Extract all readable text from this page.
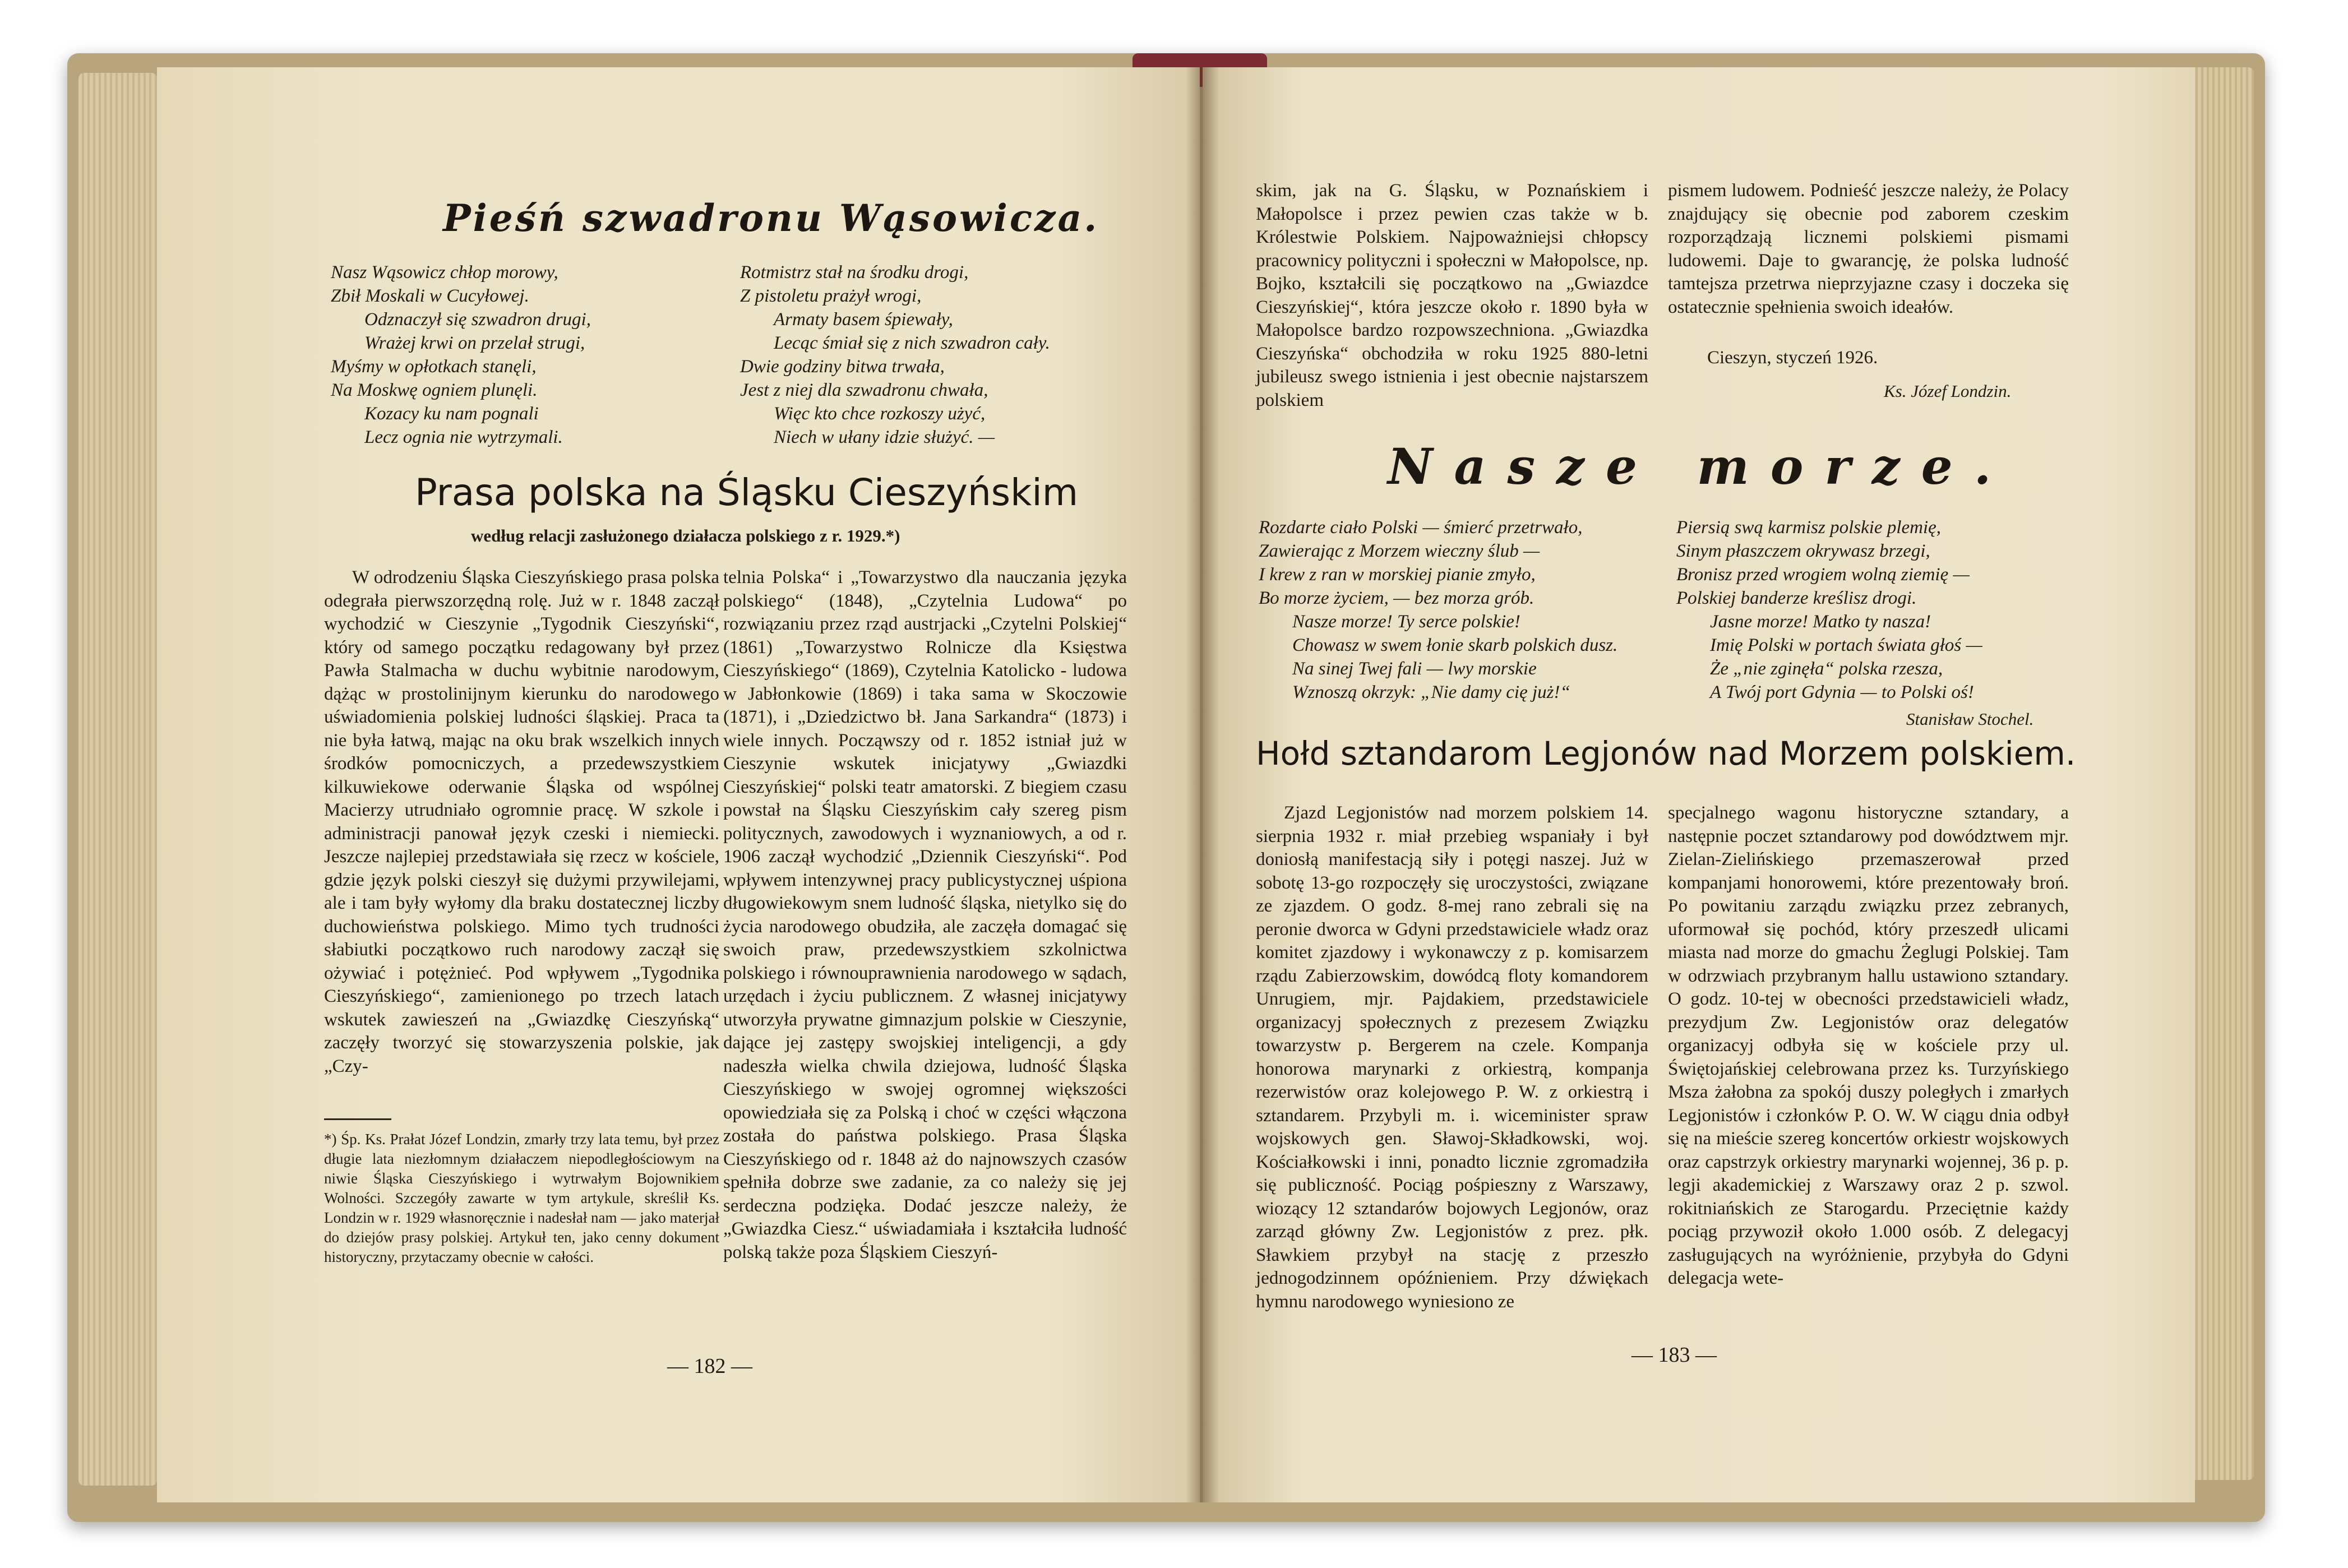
Pieśń szwadronu Wąsowicza.
Nasz Wąsowicz chłop morowy,
Zbił Moskali w Cucyłowej.
Odznaczył się szwadron drugi,
Wrażej krwi on przelał strugi,
Myśmy w opłotkach stanęli,
Na Moskwę ogniem plunęli.
Kozacy ku nam pognali
Lecz ognia nie wytrzymali.
Rotmistrz stał na środku drogi,
Z pistoletu prażył wrogi,
Armaty basem śpiewały,
Lecąc śmiał się z nich szwadron cały.
Dwie godziny bitwa trwała,
Jest z niej dla szwadronu chwała,
Więc kto chce rozkoszy użyć,
Niech w ułany idzie służyć. —
Prasa polska na Śląsku Cieszyńskim
według relacji zasłużonego działacza polskiego z r. 1929.*)

W odrodzeniu Śląska Cieszyńskiego prasa polska odegrała pierwszorzędną rolę. Już w r. 1848 zaczął wychodzić w Cieszynie „Tygodnik Cieszyński“, który od samego początku redagowany był przez Pawła Stalmacha w duchu wybitnie narodowym, dążąc w prostolinijnym kierunku do narodowego uświadomienia polskiej ludności śląskiej. Praca ta nie była łatwą, mając na oku brak wszelkich innych środków pomocniczych, a przedewszystkiem kilkuwiekowe oderwanie Śląska od wspólnej Macierzy utrudniało ogromnie pracę. W szkole i administracji panował język czeski i niemiecki. Jeszcze najlepiej przedstawiała się rzecz w kościele, gdzie język polski cieszył się dużymi przywilejami, ale i tam były wyłomy dla braku dostatecznej liczby duchowieństwa polskiego. Mimo tych trudności słabiutki początkowo ruch narodowy zaczął się ożywiać i potężnieć. Pod wpływem „Tygodnika Cieszyńskiego“, zamienionego po trzech latach wskutek zawieszeń na „Gwiazdkę Cieszyńską“ zaczęły tworzyć się stowarzyszenia polskie, jak „Czy-

*) Śp. Ks. Prałat Józef Londzin, zmarły trzy lata temu, był przez długie lata niezłomnym działaczem niepodległościowym na niwie Śląska Cieszyńskiego i wytrwałym Bojownikiem Wolności. Szczegóły zawarte w tym artykule, skreślił Ks. Londzin w r. 1929 własnoręcznie i nadesłał nam — jako materjał do dziejów prasy polskiej. Artykuł ten, jako cenny dokument historyczny, przytaczamy obecnie w całości.

telnia Polska“ i „Towarzystwo dla nauczania języka polskiego“ (1848), „Czytelnia Ludowa“ po rozwiązaniu przez rząd austrjacki „Czytelni Polskiej“ (1861) „Towarzystwo Rolnicze dla Księstwa Cieszyńskiego“ (1869), Czytelnia Katolicko - ludowa w Jabłonkowie (1869) i taka sama w Skoczowie (1871), i „Dziedzictwo bł. Jana Sarkandra“ (1873) i wiele innych. Począwszy od r. 1852 istniał już w Cieszynie wskutek inicjatywy „Gwiazdki Cieszyńskiej“ polski teatr amatorski. Z biegiem czasu powstał na Śląsku Cieszyńskim cały szereg pism politycznych, zawodowych i wyznaniowych, a od r. 1906 zaczął wychodzić „Dziennik Cieszyński“. Pod wpływem intenzywnej pracy publicystycznej uśpiona długowiekowym snem ludność śląska, nietylko się do życia narodowego obudziła, ale zaczęła domagać się swoich praw, przedewszystkiem szkolnictwa polskiego i równouprawnienia narodowego w sądach, urzędach i życiu publicznem. Z własnej inicjatywy utworzyła prywatne gimnazjum polskie w Cieszynie, dające jej zastępy swojskiej inteligencji, a gdy nadeszła wielka chwila dziejowa, ludność Śląska Cieszyńskiego w swojej ogromnej większości opowiedziała się za Polską i choć w części włączona została do państwa polskiego. Prasa Śląska Cieszyńskiego od r. 1848 aż do najnowszych czasów spełniła dobrze swe zadanie, za co należy się jej serdeczna podzięka. Dodać jeszcze należy, że „Gwiazdka Ciesz.“ uświadamiała i kształciła ludność polską także poza Śląskiem Cieszyń-

— 182 —

skim, jak na G. Śląsku, w Poznańskiem i Małopolsce i przez pewien czas także w b. Królestwie Polskiem. Najpoważniejsi chłopscy pracownicy polityczni i społeczni w Małopolsce, np. Bojko, kształcili się początkowo na „Gwiazdce Cieszyńskiej“, która jeszcze około r. 1890 była w Małopolsce bardzo rozpowszechniona. „Gwiazdka Cieszyńska“ obchodziła w roku 1925 880-letni jubileusz swego istnienia i jest obecnie najstarszem polskiem

pismem ludowem. Podnieść jeszcze należy, że Polacy znajdujący się obecnie pod zaborem czeskim rozporządzają licznemi polskiemi pismami ludowemi. Daje to gwarancję, że polska ludność tamtejsza przetrwa nieprzyjazne czasy i doczeka się ostatecznie spełnienia swoich ideałów.

Cieszyn, styczeń 1926.
Ks. Józef Londzin.
Nasze morze.
Rozdarte ciało Polski — śmierć przetrwało,
Zawierając z Morzem wieczny ślub —
I krew z ran w morskiej pianie zmyło,
Bo morze życiem, — bez morza grób.
Nasze morze! Ty serce polskie!
Chowasz w swem łonie skarb polskich dusz.
Na sinej Twej fali — lwy morskie
Wznoszą okrzyk: „Nie damy cię już!“
Piersią swą karmisz polskie plemię,
Sinym płaszczem okrywasz brzegi,
Bronisz przed wrogiem wolną ziemię —
Polskiej banderze kreślisz drogi.
Jasne morze! Matko ty nasza!
Imię Polski w portach świata głoś —
Że „nie zginęła“ polska rzesza,
A Twój port Gdynia — to Polski oś!
Stanisław Stochel.
Hołd sztandarom Legjonów nad Morzem polskiem.

Zjazd Legjonistów nad morzem polskiem 14. sierpnia 1932 r. miał przebieg wspaniały i był doniosłą manifestacją siły i potęgi naszej. Już w sobotę 13-go rozpoczęły się uroczystości, związane ze zjazdem. O godz. 8-mej rano zebrali się na peronie dworca w Gdyni przedstawiciele władz oraz komitet zjazdowy i wykonawczy z p. komisarzem rządu Zabierzowskim, dowódcą floty komandorem Unrugiem, mjr. Pajdakiem, przedstawiciele organizacyj społecznych z prezesem Związku towarzystw p. Bergerem na czele. Kompanja honorowa marynarki z orkiestrą, kompanja rezerwistów oraz kolejowego P. W. z orkiestrą i sztandarem. Przybyli m. i. wiceminister spraw wojskowych gen. Sławoj-Składkowski, woj. Kościałkowski i inni, ponadto licznie zgromadziła się publiczność. Pociąg pośpieszny z Warszawy, wiozący 12 sztandarów bojowych Legjonów, oraz zarząd główny Zw. Legjonistów z prez. płk. Sławkiem przybył na stację z przeszło jednogodzinnem opóźnieniem. Przy dźwiękach hymnu narodowego wyniesiono ze

specjalnego wagonu historyczne sztandary, a następnie poczet sztandarowy pod dowództwem mjr. Zielan-Zielińskiego przemaszerował przed kompanjami honorowemi, które prezentowały broń. Po powitaniu zarządu związku przez zebranych, uformował się pochód, który przeszedł ulicami miasta nad morze do gmachu Żeglugi Polskiej. Tam w odrzwiach przybranym hallu ustawiono sztandary. O godz. 10-tej w obecności przedstawicieli władz, prezydjum Zw. Legjonistów oraz delegatów organizacyj odbyła się w kościele przy ul. Świętojańskiej celebrowana przez ks. Turzyńskiego Msza żałobna za spokój duszy poległych i zmarłych Legjonistów i członków P. O. W. W ciągu dnia odbył się na mieście szereg koncertów orkiestr wojskowych oraz capstrzyk orkiestry marynarki wojennej, 36 p. p. legji akademickiej z Warszawy oraz 2 p. szwol. rokitniańskich ze Starogardu. Przeciętnie każdy pociąg przywoził około 1.000 osób. Z delegacyj zasługujących na wyróżnienie, przybyła do Gdyni delegacja wete-

— 183 —
